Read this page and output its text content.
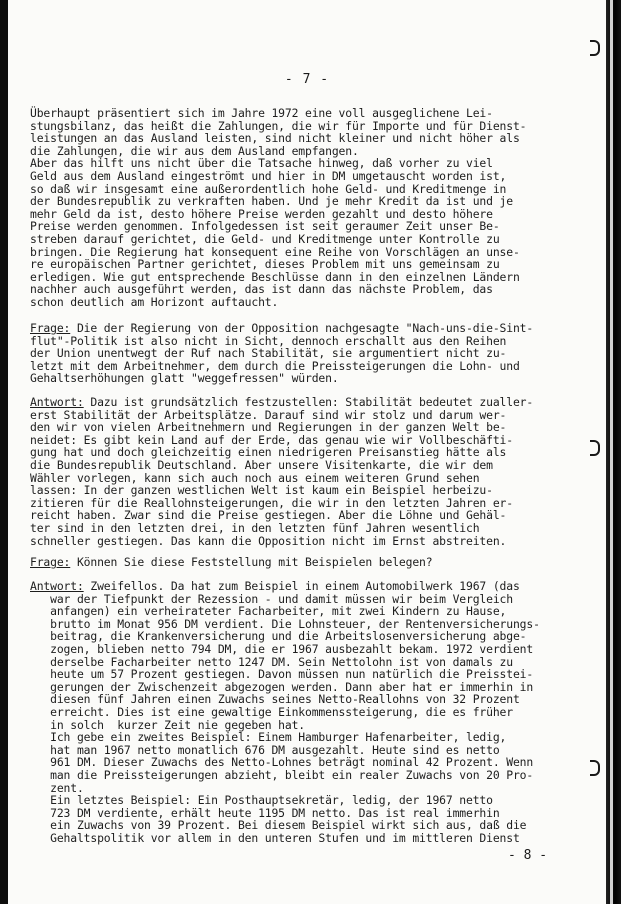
- 7 -
Überhaupt präsentiert sich im Jahre 1972 eine voll ausgeglichene Lei-
stungsbilanz, das heißt die Zahlungen, die wir für Importe und für Dienst-
leistungen an das Ausland leisten, sind nicht kleiner und nicht höher als
die Zahlungen, die wir aus dem Ausland empfangen.
Aber das hilft uns nicht über die Tatsache hinweg, daß vorher zu viel
Geld aus dem Ausland eingeströmt und hier in DM umgetauscht worden ist,
so daß wir insgesamt eine außerordentlich hohe Geld- und Kreditmenge in
der Bundesrepublik zu verkraften haben. Und je mehr Kredit da ist und je
mehr Geld da ist, desto höhere Preise werden gezahlt und desto höhere
Preise werden genommen. Infolgedessen ist seit geraumer Zeit unser Be-
streben darauf gerichtet, die Geld- und Kreditmenge unter Kontrolle zu
bringen. Die Regierung hat konsequent eine Reihe von Vorschlägen an unse-
re europäischen Partner gerichtet, dieses Problem mit uns gemeinsam zu
erledigen. Wie gut entsprechende Beschlüsse dann in den einzelnen Ländern
nachher auch ausgeführt werden, das ist dann das nächste Problem, das
schon deutlich am Horizont auftaucht.
Frage: Die der Regierung von der Opposition nachgesagte "Nach-uns-die-Sint-
flut"-Politik ist also nicht in Sicht, dennoch erschallt aus den Reihen
der Union unentwegt der Ruf nach Stabilität, sie argumentiert nicht zu-
letzt mit dem Arbeitnehmer, dem durch die Preissteigerungen die Lohn- und
Gehaltserhöhungen glatt "weggefressen" würden.
Antwort: Dazu ist grundsätzlich festzustellen: Stabilität bedeutet zualler-
erst Stabilität der Arbeitsplätze. Darauf sind wir stolz und darum wer-
den wir von vielen Arbeitnehmern und Regierungen in der ganzen Welt be-
neidet: Es gibt kein Land auf der Erde, das genau wie wir Vollbeschäfti-
gung hat und doch gleichzeitig einen niedrigeren Preisanstieg hätte als
die Bundesrepublik Deutschland. Aber unsere Visitenkarte, die wir dem
Wähler vorlegen, kann sich auch noch aus einem weiteren Grund sehen
lassen: In der ganzen westlichen Welt ist kaum ein Beispiel herbeizu-
zitieren für die Reallohnsteigerungen, die wir in den letzten Jahren er-
reicht haben. Zwar sind die Preise gestiegen. Aber die Löhne und Gehäl-
ter sind in den letzten drei, in den letzten fünf Jahren wesentlich
schneller gestiegen. Das kann die Opposition nicht im Ernst abstreiten.
Frage: Können Sie diese Feststellung mit Beispielen belegen?
Antwort: Zweifellos. Da hat zum Beispiel in einem Automobilwerk 1967 (das
war der Tiefpunkt der Rezession - und damit müssen wir beim Vergleich
anfangen) ein verheirateter Facharbeiter, mit zwei Kindern zu Hause,
brutto im Monat 956 DM verdient. Die Lohnsteuer, der Rentenversicherungs-
beitrag, die Krankenversicherung und die Arbeitslosenversicherung abge-
zogen, blieben netto 794 DM, die er 1967 ausbezahlt bekam. 1972 verdient
derselbe Facharbeiter netto 1247 DM. Sein Nettolohn ist von damals zu
heute um 57 Prozent gestiegen. Davon müssen nun natürlich die Preisstei-
gerungen der Zwischenzeit abgezogen werden. Dann aber hat er immerhin in
diesen fünf Jahren einen Zuwachs seines Netto-Reallohns von 32 Prozent
erreicht. Dies ist eine gewaltige Einkommenssteigerung, die es früher
in solch  kurzer Zeit nie gegeben hat.
Ich gebe ein zweites Beispiel: Einem Hamburger Hafenarbeiter, ledig,
hat man 1967 netto monatlich 676 DM ausgezahlt. Heute sind es netto
961 DM. Dieser Zuwachs des Netto-Lohnes beträgt nominal 42 Prozent. Wenn
man die Preissteigerungen abzieht, bleibt ein realer Zuwachs von 20 Pro-
zent.
Ein letztes Beispiel: Ein Posthauptsekretär, ledig, der 1967 netto
723 DM verdiente, erhält heute 1195 DM netto. Das ist real immerhin
ein Zuwachs von 39 Prozent. Bei diesem Beispiel wirkt sich aus, daß die
Gehaltspolitik vor allem in den unteren Stufen und im mittleren Dienst
- 8 -
